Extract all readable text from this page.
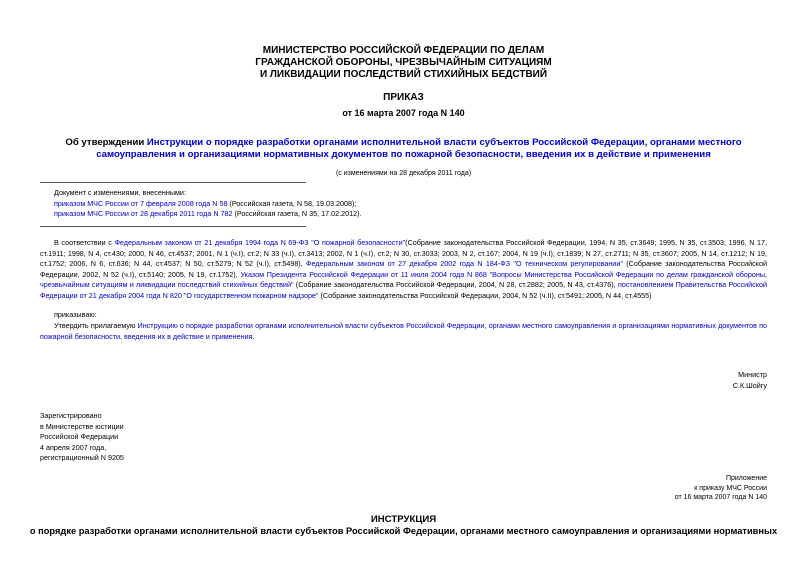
МИНИСТЕРСТВО РОССИЙСКОЙ ФЕДЕРАЦИИ ПО ДЕЛАМ
ГРАЖДАНСКОЙ ОБОРОНЫ, ЧРЕЗВЫЧАЙНЫМ СИТУАЦИЯМ
И ЛИКВИДАЦИИ ПОСЛЕДСТВИЙ СТИХИЙНЫХ БЕДСТВИЙ
ПРИКАЗ
от 16 марта 2007 года N 140
Об утверждении Инструкции о порядке разработки органами исполнительной власти субъектов Российской Федерации, органами местного самоуправления и организациями нормативных документов по пожарной безопасности, введения их в действие и применения
(с изменениями на 28 декабря 2011 года)
Документ с изменениями, внесенными:
приказом МЧС России от 7 февраля 2008 года N 58 (Российская газета, N 58, 19.03.2008);
приказом МЧС России от 28 декабря 2011 года N 782 (Российская газета, N 35, 17.02.2012).
В соответствии с Федеральным законом от 21 декабря 1994 года N 69-ФЗ "О пожарной безопасности"(Собрание законодательства Российской Федерации, 1994, N 35, ст.3649; 1995, N 35, ст.3503; 1996, N 17, ст.1911; 1998, N 4, ст.430; 2000, N 46, ст.4537; 2001, N 1 (ч.I), ст.2; N 33 (ч.I), ст.3413; 2002, N 1 (ч.I), ст.2; N 30, ст.3033; 2003, N 2, ст.167; 2004, N 19 (ч.I), ст.1839; N 27, ст.2711; N 35, ст.3607; 2005, N 14, ст.1212; N 19, ст.1752; 2006, N 6, ст.636; N 44, ст.4537; N 50, ст.5279; N 52 (ч.I), ст.5498), Федеральным законом от 27 декабря 2002 года N 184-ФЗ "О техническом регулировании" (Собрание законодательства Российской Федерации, 2002, N 52 (ч.I), ст.5140; 2005, N 19, ст.1752), Указом Президента Российской Федерации от 11 июля 2004 года N 868 "Вопросы Министерства Российской Федерации по делам гражданской обороны, чрезвычайным ситуациям и ликвидации последствий стихийных бедствий" (Собрание законодательства Российской Федерации, 2004, N 28, ст.2882; 2005, N 43, ст.4376), постановлением Правительства Российской Федерации от 21 декабря 2004 года N 820 "О государственном пожарном надзоре" (Собрание законодательства Российской Федерации, 2004, N 52 (ч.II), ст.5491; 2005, N 44, ст.4555)
приказываю:
Утвердить прилагаемую Инструкцию о порядке разработки органами исполнительной власти субъектов Российской Федерации, органами местного самоуправления и организациями нормативных документов по пожарной безопасности, введения их в действие и применения.
Министр
С.К.Шойгу
Зарегистрировано
в Министерстве юстиции
Российской Федерации
4 апреля 2007 года,
регистрационный N 9205
Приложение
к приказу МЧС России
от 16 марта 2007 года N 140
ИНСТРУКЦИЯ
о порядке разработки органами исполнительной власти субъектов Российской Федерации, органами местного самоуправления и организациями нормативных
